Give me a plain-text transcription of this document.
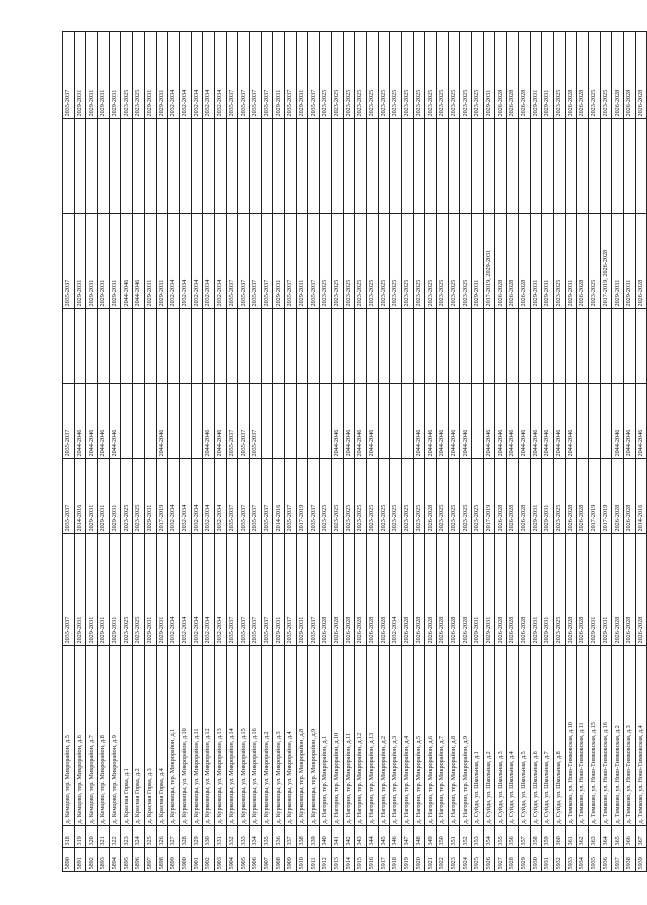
5890	318	д. Кемцово, тер. Микрорайон, д.5	2035-2037	2035-2037	2035-2037		2035-2037		2035-2037
5891	319	д. Кемцово, тер. Микрорайон, д.6	2029-2031	2014-2016	2044-2046		2029-2031		2029-2031
5892	320	д. Кемцово, тер. Микрорайон, д.7	2029-2031	2029-2031	2044-2046		2029-2031		2029-2031
5893	321	д. Кемцово, тер. Микрорайон, д.8	2029-2031	2029-2031	2044-2046		2029-2031		2029-2031
5894	322	д. Кемцово, тер. Микрорайон, д.9	2029-2031	2029-2031	2044-2046		2029-2031		2029-2031
5895	323	д. Красная Горка, д.1	2023-2025	2023-2025			2044-2046		2023-2025
5896	324	д. Красная Горка, д.2	2023-2025	2023-2025			2044-2046		2023-2025
5897	325	д. Красная Горка, д.3	2029-2031	2029-2031			2029-2031		2029-2031
5898	326	д. Красная Горка, д.4	2029-2031	2017-2019	2044-2046		2029-2031		2029-2031
5899	327	д. Курковицы, тер. Микрорайон, д.1	2032-2034	2032-2034			2032-2034		2032-2034
5900	328	д. Курковицы, ул. Микрорайон, д.10	2032-2034	2032-2034			2032-2034		2032-2034
5901	329	д. Курковицы, ул. Микрорайон, д.11	2032-2034	2032-2034			2032-2034		2032-2034
5902	330	д. Курковицы, ул. Микрорайон, д.12	2032-2034	2032-2034	2044-2046		2032-2034		2032-2034
5903	331	д. Курковицы, ул. Микрорайон, д.13	2032-2034	2032-2034	2044-2046		2032-2034		2032-2034
5904	332	д. Курковицы, ул. Микрорайон, д.14	2035-2037	2035-2037	2035-2037		2035-2037		2035-2037
5905	333	д. Курковицы, ул. Микрорайон, д.15	2035-2037	2035-2037	2035-2037		2035-2037		2035-2037
5906	334	д. Курковицы, ул. Микрорайон, д.16	2035-2037	2035-2037	2035-2037		2035-2037		2035-2037
5907	335	д. Курковицы, ул. Микрорайон, д.2	2035-2037	2035-2037			2035-2037		2035-2037
5908	336	д. Курковицы, ул. Микрорайон, д.3	2029-2031	2014-2016			2029-2031		2029-2031
5909	337	д. Курковицы, ул. Микрорайон, д.4	2035-2037	2035-2037			2035-2037		2035-2037
5910	338	д. Курковицы, тер. Микрорайон, д.8	2029-2031	2017-2019			2029-2031		2029-2031
5911	339	д. Курковицы, тер. Микрорайон, д.9	2035-2037	2035-2037			2035-2037		2035-2037
5912	340	д. Нагорно, тер. Микрорайон, д.1	2026-2028	2023-2025			2023-2025		2023-2025
5913	341	д. Нагорно, тер. Микрорайон, д.10	2026-2028	2023-2025	2044-2046		2023-2025		2023-2025
5914	342	д. Нагорно, тер. Микрорайон, д.11	2026-2028	2023-2025	2044-2046		2023-2025		2023-2025
5915	343	д. Нагорно, тер. Микрорайон, д.12	2026-2028	2023-2025	2044-2046		2023-2025		2023-2025
5916	344	д. Нагорно, тер. Микрорайон, д.13	2026-2028	2023-2025	2044-2046		2023-2025		2023-2025
5917	345	д. Нагорно, тер. Микрорайон, д.2	2026-2028	2023-2025			2023-2025		2023-2025
5918	346	д. Нагорно, тер. Микрорайон, д.3	2032-2034	2023-2025			2023-2025		2023-2025
5919	347	д. Нагорно, тер. Микрорайон, д.4	2026-2028	2023-2025			2023-2025		2023-2025
5920	348	д. Нагорно, тер. Микрорайон, д.5	2026-2028	2023-2025	2044-2046		2023-2025		2023-2025
5921	349	д. Нагорно, тер. Микрорайон, д.6	2026-2028	2026-2028	2044-2046		2023-2025		2023-2025
5922	350	д. Нагорно, тер. Микрорайон, д.7	2026-2028	2023-2025	2044-2046		2023-2025		2023-2025
5923	351	д. Нагорно, тер. Микрорайон, д.8	2026-2028	2023-2025	2044-2046		2023-2025		2023-2025
5924	352	д. Нагорно, тер. Микрорайон, д.9	2026-2028	2023-2025	2044-2046		2023-2025		2023-2025
5925	353	д. Суйда, ул. Школьная, д.1	2029-2031	2023-2025			2029-2031		2023-2025
5926	354	д. Суйда, ул. Школьная, д.2	2029-2031	2017-2019	2044-2046		2017-2019, 2029-2031		2029-2031
5927	355	д. Суйда, ул. Школьная, д.3	2026-2028	2026-2028	2044-2046		2026-2028		2026-2028
5928	356	д. Суйда, ул. Школьная, д.4	2026-2028	2026-2028	2044-2046		2026-2028		2026-2028
5929	357	д. Суйда, ул. Школьная, д.5	2026-2028	2026-2028	2044-2046		2026-2028		2026-2028
5930	358	д. Суйда, ул. Школьная, д.6	2029-2031	2029-2031	2044-2046		2029-2031		2029-2031
5931	359	д. Суйда, ул. Школьная, д.7	2029-2031	2029-2031	2044-2046		2029-2031		2029-2031
5932	360	д. Суйда, ул. Школьная, д.8	2023-2025	2023-2025	2044-2046		2023-2025		2023-2025
5933	361	д. Тимково, ул. Ново-Тимковская, д.10	2026-2028	2026-2028	2044-2046		2029-2031		2026-2028
5934	362	д. Тимково, ул. Ново-Тимковская, д.11	2026-2028	2026-2028			2026-2028		2026-2028
5935	363	д. Тимково, ул. Ново-Тимковская, д.15	2029-2031	2017-2019			2023-2025		2023-2025
5936	364	д. Тимково, ул. Ново-Тимковская, д.16	2029-2031	2017-2019			2017-2019, 2026-2028		2023-2025
5937	365	д. Тимково, ул. Ново-Тимковская, д.2	2026-2028	2026-2028	2044-2046		2029-2031		2026-2028
5938	366	д. Тимково, ул. Ново-Тимковская, д.3	2026-2028	2026-2028	2044-2046		2029-2031		2026-2028
5939	367	д. Тимково, ул. Ново-Тимковская, д.4	2026-2028	2014-2016	2044-2046		2026-2028		2026-2028
